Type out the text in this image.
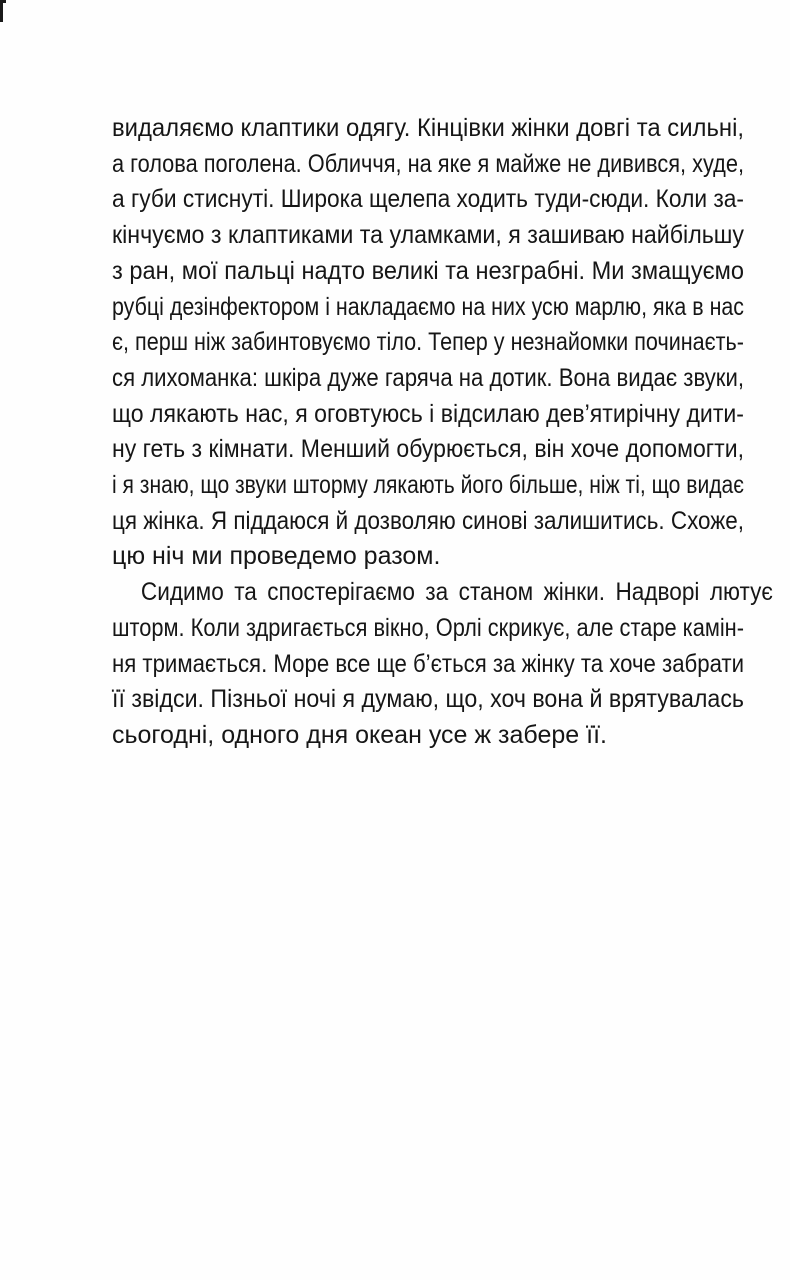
видаляємо клаптики одягу. Кінцівки жінки довгі та сильні,
а голова поголена. Обличчя, на яке я майже не дивився, худе,
а губи стиснуті. Широка щелепа ходить туди-сюди. Коли за-
кінчуємо з клаптиками та уламками, я зашиваю найбільшу
з ран, мої пальці надто великі та незграбні. Ми змащуємо
рубці дезінфектором і накладаємо на них усю марлю, яка в нас
є, перш ніж забинтовуємо тіло. Тепер у незнайомки починаєть-
ся лихоманка: шкіра дуже гаряча на дотик. Вона видає звуки,
що лякають нас, я оговтуюсь і відсилаю дев’ятирічну дити-
ну геть з кімнати. Менший обурюється, він хоче допомогти,
і я знаю, що звуки шторму лякають його більше, ніж ті, що видає
ця жінка. Я піддаюся й дозволяю синові залишитись. Схоже,
цю ніч ми проведемо разом.
Сидимо та спостерігаємо за станом жінки. Надворі лютує
шторм. Коли здригається вікно, Орлі скрикує, але старе камін-
ня тримається. Море все ще б’ється за жінку та хоче забрати
її звідси. Пізньої ночі я думаю, що, хоч вона й врятувалась
сьогодні, одного дня океан усе ж забере її.
